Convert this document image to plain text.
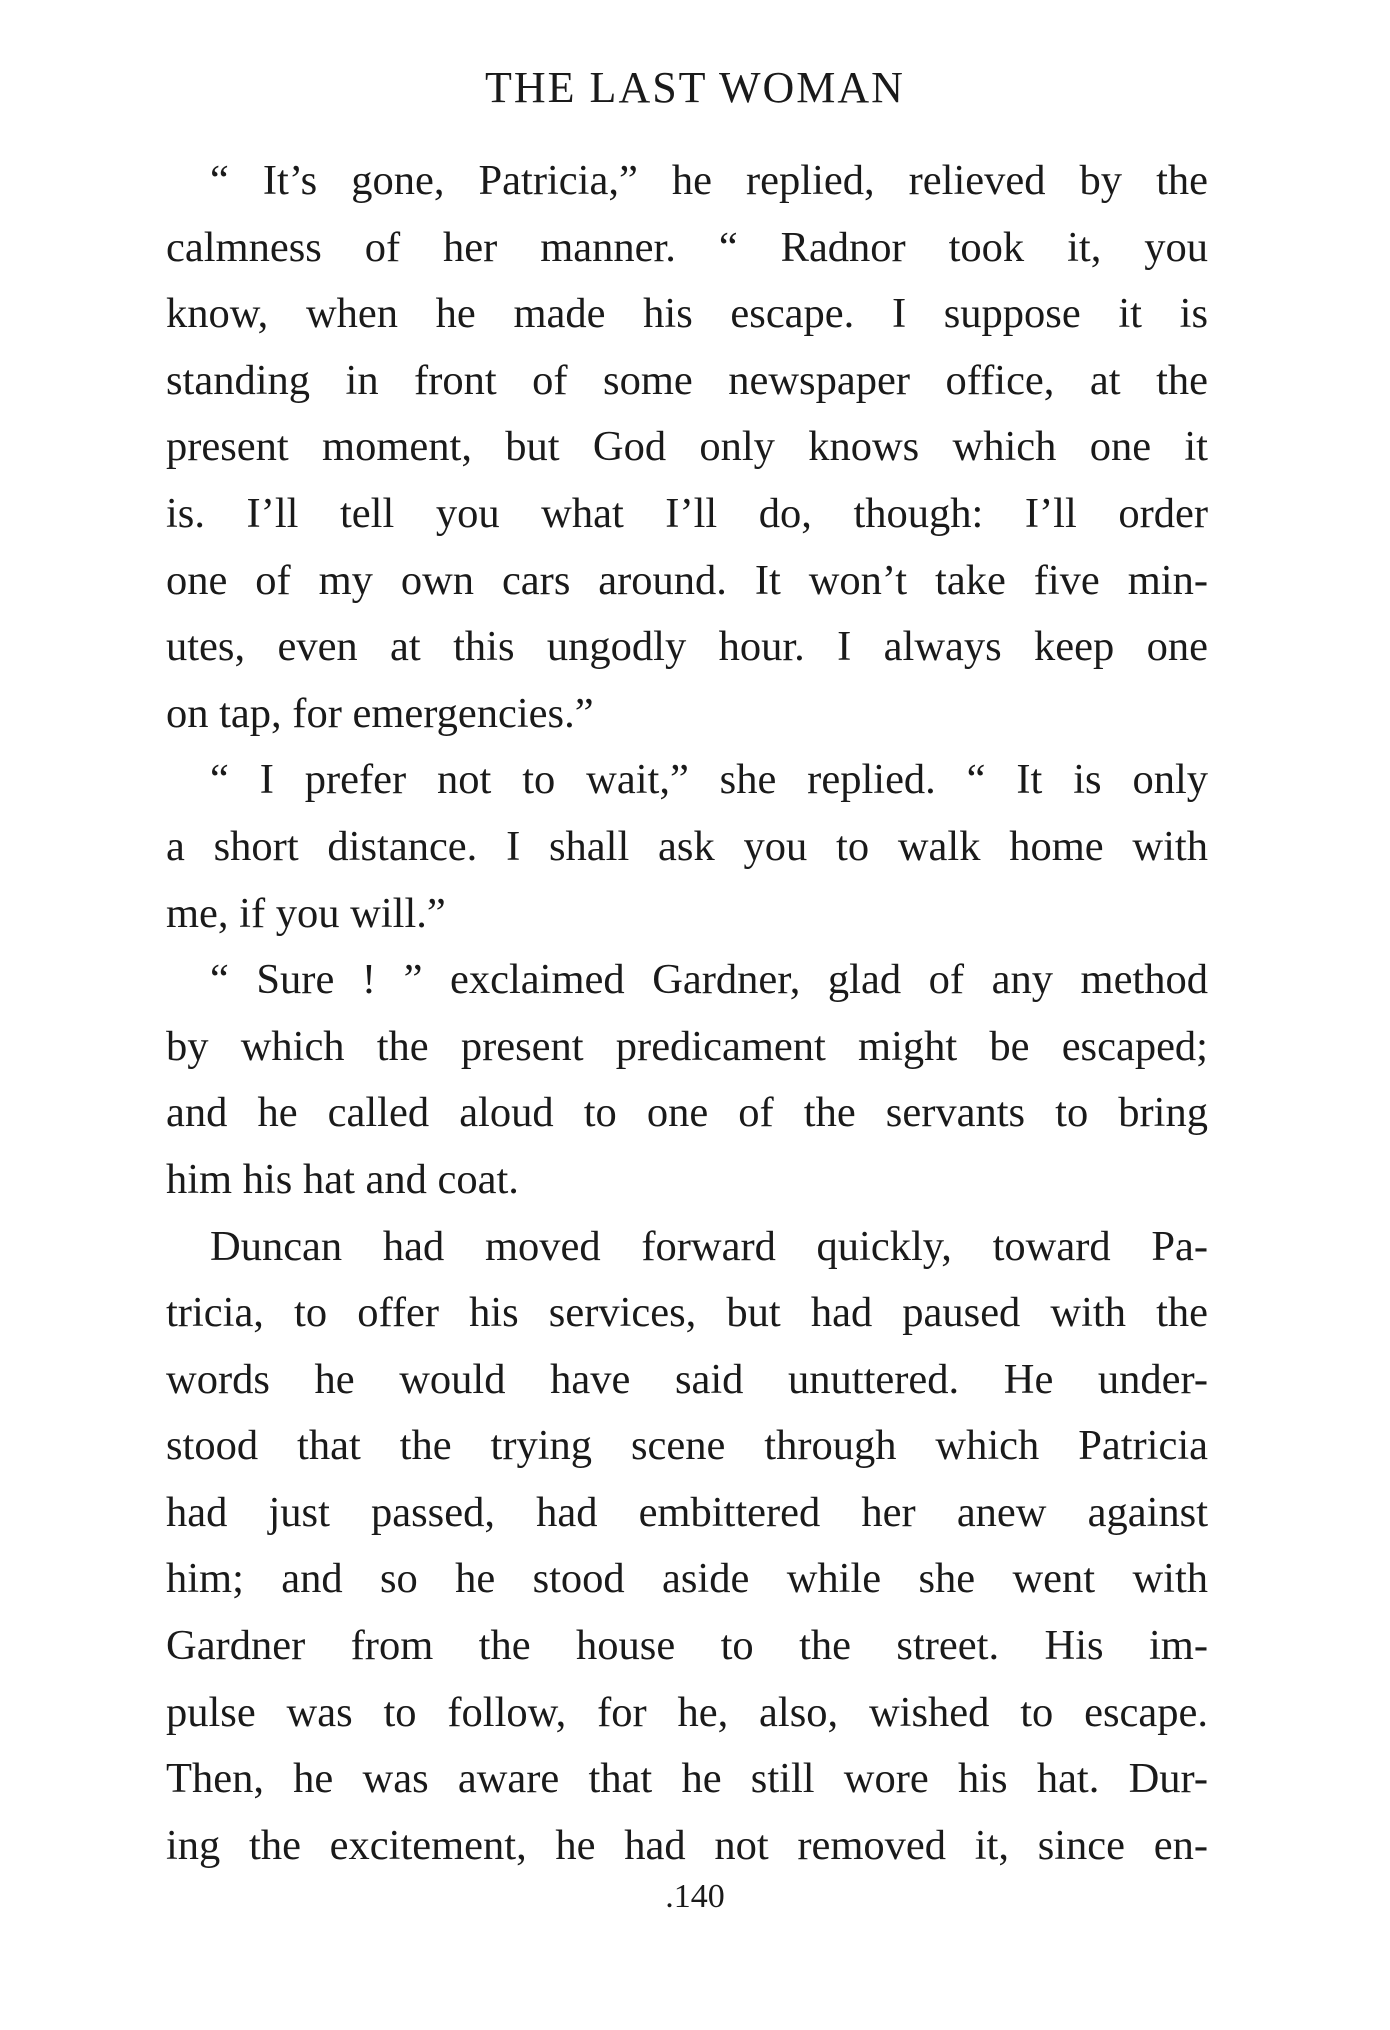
THE LAST WOMAN
“ It’s gone, Patricia,” he replied, relieved by the
calmness of her manner. “ Radnor took it, you
know, when he made his escape. I suppose it is
standing in front of some newspaper office, at the
present moment, but God only knows which one it
is. I’ll tell you what I’ll do, though: I’ll order
one of my own cars around. It won’t take five min-
utes, even at this ungodly hour. I always keep one
on tap, for emergencies.”
“ I prefer not to wait,” she replied. “ It is only
a short distance. I shall ask you to walk home with
me, if you will.”
“ Sure ! ” exclaimed Gardner, glad of any method
by which the present predicament might be escaped;
and he called aloud to one of the servants to bring
him his hat and coat.
Duncan had moved forward quickly, toward Pa-
tricia, to offer his services, but had paused with the
words he would have said unuttered. He under-
stood that the trying scene through which Patricia
had just passed, had embittered her anew against
him; and so he stood aside while she went with
Gardner from the house to the street. His im-
pulse was to follow, for he, also, wished to escape.
Then, he was aware that he still wore his hat. Dur-
ing the excitement, he had not removed it, since en-
.140
